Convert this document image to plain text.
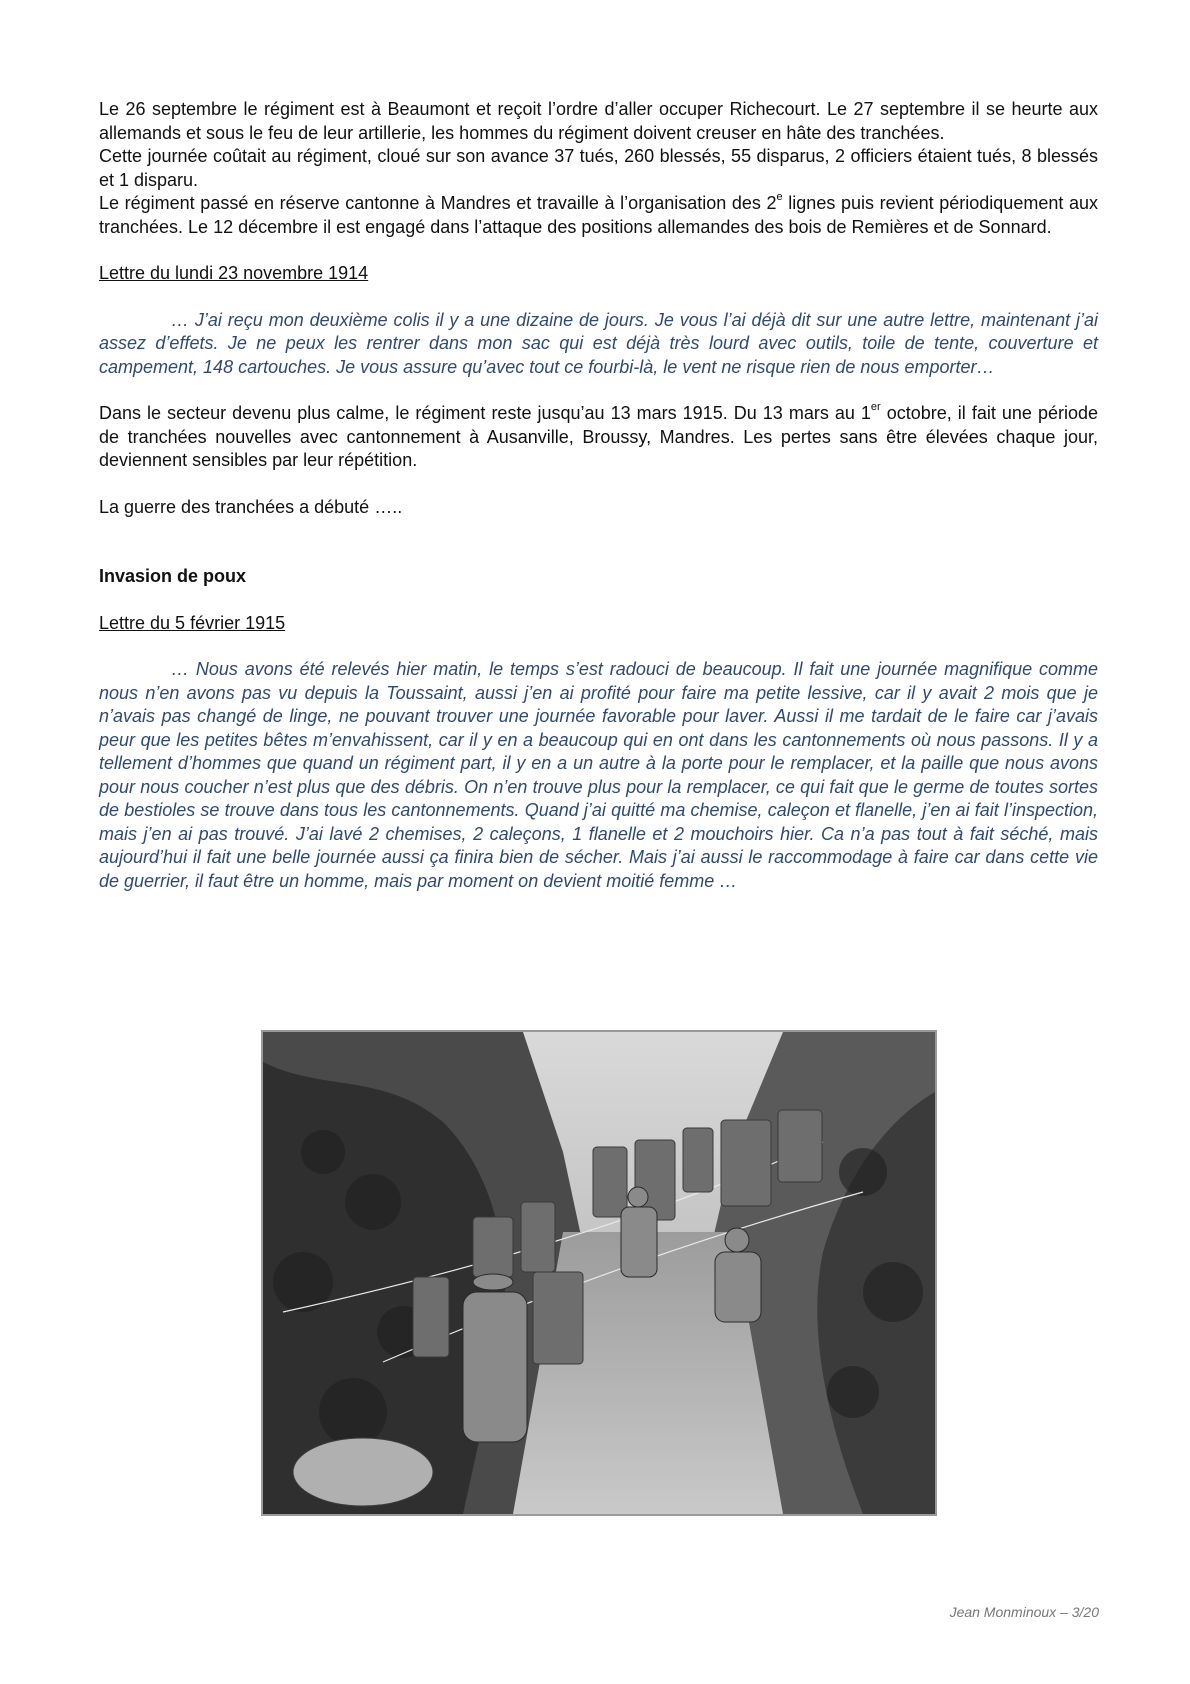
Le 26 septembre le régiment est à Beaumont et reçoit l’ordre d’aller occuper Richecourt. Le 27 septembre il se heurte aux allemands et sous le feu de leur artillerie, les hommes du régiment doivent creuser en hâte des tranchées.

Cette journée coûtait au régiment, cloué sur son avance 37 tués, 260 blessés, 55 disparus, 2 officiers étaient tués, 8 blessés et 1 disparu.

Le régiment passé en réserve cantonne à Mandres et travaille à l’organisation des 2e lignes puis revient périodiquement aux tranchées. Le 12 décembre il est engagé dans l’attaque des positions allemandes des bois de Remières et de Sonnard.

Lettre du lundi 23 novembre 1914

… J’ai reçu mon deuxième colis il y a une dizaine de jours. Je vous l’ai déjà dit sur une autre lettre, maintenant j’ai assez d’effets. Je ne peux les rentrer dans mon sac qui est déjà très lourd avec outils, toile de tente, couverture et campement, 148 cartouches. Je vous assure qu’avec tout ce fourbi-là, le vent ne risque rien de nous emporter…

Dans le secteur devenu plus calme, le régiment reste jusqu’au 13 mars 1915. Du 13 mars au 1er octobre, il fait une période de tranchées nouvelles avec cantonnement à Ausanville, Broussy, Mandres. Les pertes sans être élevées chaque jour, deviennent sensibles par leur répétition.

La guerre des tranchées a débuté …..

Invasion de poux

Lettre du 5 février 1915

… Nous avons été relevés hier matin, le temps s’est radouci de beaucoup. Il fait une journée magnifique comme nous n’en avons pas vu depuis la Toussaint, aussi j’en ai profité pour faire ma petite lessive, car il y avait 2 mois que je n’avais pas changé de linge, ne pouvant trouver une journée favorable pour laver. Aussi il me tardait de le faire car j’avais peur que les petites bêtes m’envahissent, car il y en a beaucoup qui en ont dans les cantonnements où nous passons. Il y a tellement d’hommes que quand un régiment part, il y en a un autre à la porte pour le remplacer, et la paille que nous avons pour nous coucher n’est plus que des débris. On n’en trouve plus pour la remplacer, ce qui fait que le germe de toutes sortes de bestioles se trouve dans tous les cantonnements. Quand j’ai quitté ma chemise, caleçon et flanelle, j’en ai fait l’inspection, mais j’en ai pas trouvé. J’ai lavé 2 chemises, 2 caleçons, 1 flanelle et 2 mouchoirs hier. Ca n’a pas tout à fait séché, mais aujourd’hui il fait une belle journée aussi ça finira bien de sécher. Mais j’ai aussi le raccommodage à faire car dans cette vie de guerrier, il faut être un homme, mais par moment on devient moitié femme …

Jean Monminoux – 3/20
